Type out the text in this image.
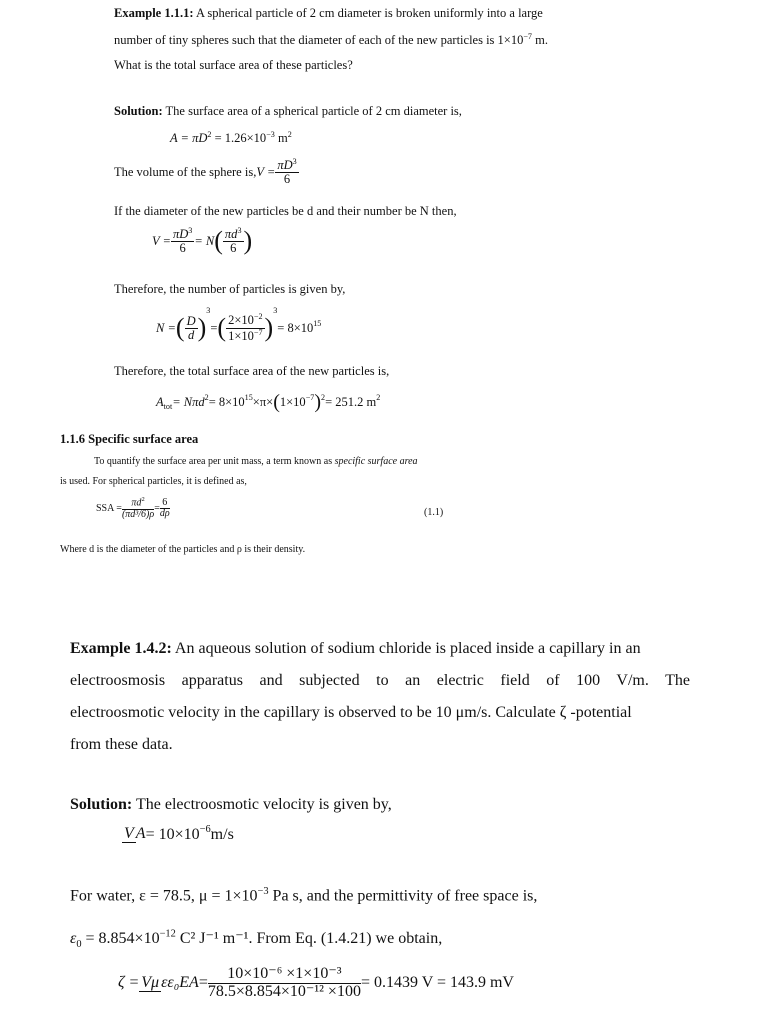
Example 1.1.1: A spherical particle of 2 cm diameter is broken uniformly into a large
number of tiny spheres such that the diameter of each of the new particles is $1\times 10^{-7}$ m.
What is the total surface area of these particles?
Solution: The surface area of a spherical particle of 2 cm diameter is,
$A = \pi D^2 = 1.26\times 10^{-3}$ $m^2$
The volume of the sphere $is,V = \frac{\pi D^3}{6}$
If the diameter of the new particles be d and their number be N then,
$V = \frac{\pi D^3}{6} = N( \frac{\pi d^3}{6}$ )
Therefore, the number of particles is given by,
N =( $\frac{D}{d})^3=( \frac{2\times 10^{-2}}{1\times 10^{-7}} )^3= 8\times 10^{15}$
Therefore, the total surface area of the new particles is,
$A_{tot}= N\pi d^2= 8\times 10^{15}\times\pi\times(1\times 10^{-7})^2= 251.2$ $m^2$
1.1.6 Specific surface area
To quantify the surface area per unit mass, a term known as specific surface area
is used. For spherical particles, it is defined as,
SSA = $\frac{\pi d^2}{\text{(πd³/6)ρ}}= \frac{6}{d\rho}$	(1.1)
Where d is the diameter of the particles and ρ is their density.
Example 1.4.2: An aqueous solution of sodium chloride is placed inside a capillary in an
electroosmosis apparatus and subjected to an electric field of 100 V/m. The
electroosmotic velocity in the capillary is observed to be 10 μm/s. Calculate ζ -potential
from these data.
Solution: The electroosmotic velocity is given by,
V $A= 10\times 10^{-6}m/s$
For water, ε = 78.5, $\mu = 1\times 10^{-3}$ Pa s, and the permittivity of free space is,
$\varepsilon_0 = 8.854\times 10^{-12}$ C² J⁻¹ m⁻¹. From Eq. (1.4.21) we obtain,
ζ =Vμ $\varepsilon\varepsilon_0EA= \frac{\text{10×10⁻⁶ ×1×10⁻³}}{\text{78.5×8.854×10⁻¹² ×100}} = 0.1439$ V = 143.9 mV
